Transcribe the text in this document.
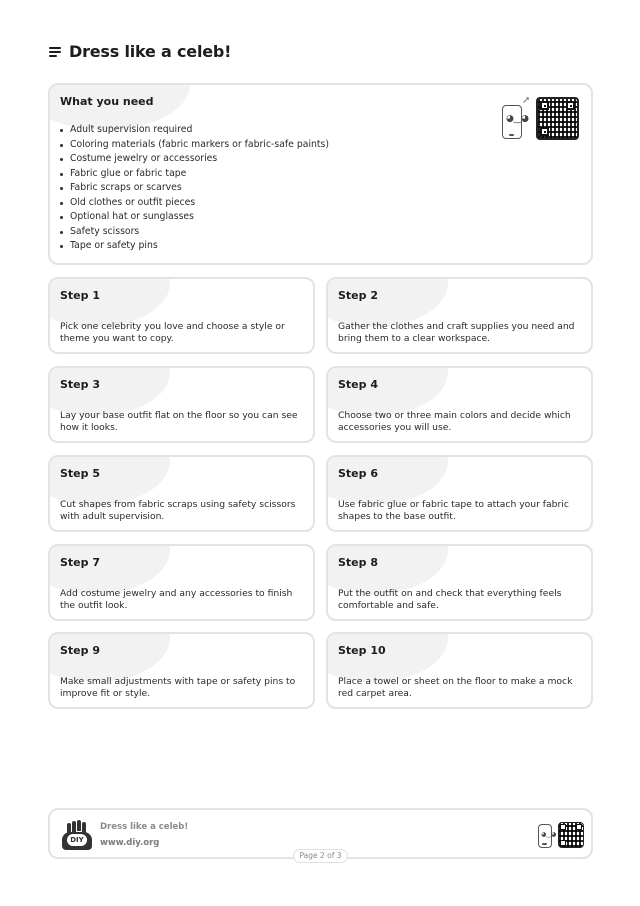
Dress like a celeb!
What you need
◕‿◕
➚
Adult supervision required
Coloring materials (fabric markers or fabric-safe paints)
Costume jewelry or accessories
Fabric glue or fabric tape
Fabric scraps or scarves
Old clothes or outfit pieces
Optional hat or sunglasses
Safety scissors
Tape or safety pins
Step 1
Pick one celebrity you love and choose a style or theme you want to copy.
Step 2
Gather the clothes and craft supplies you need and bring them to a clear workspace.
Step 3
Lay your base outfit flat on the floor so you can see how it looks.
Step 4
Choose two or three main colors and decide which accessories you will use.
Step 5
Cut shapes from fabric scraps using safety scissors with adult supervision.
Step 6
Use fabric glue or fabric tape to attach your fabric shapes to the base outfit.
Step 7
Add costume jewelry and any accessories to finish the outfit look.
Step 8
Put the outfit on and check that everything feels comfortable and safe.
Step 9
Make small adjustments with tape or safety pins to improve fit or style.
Step 10
Place a towel or sheet on the floor to make a mock red carpet area.
DIY
Dress like a celeb!
www.diy.org
◕‿◕
Page 2 of 3
